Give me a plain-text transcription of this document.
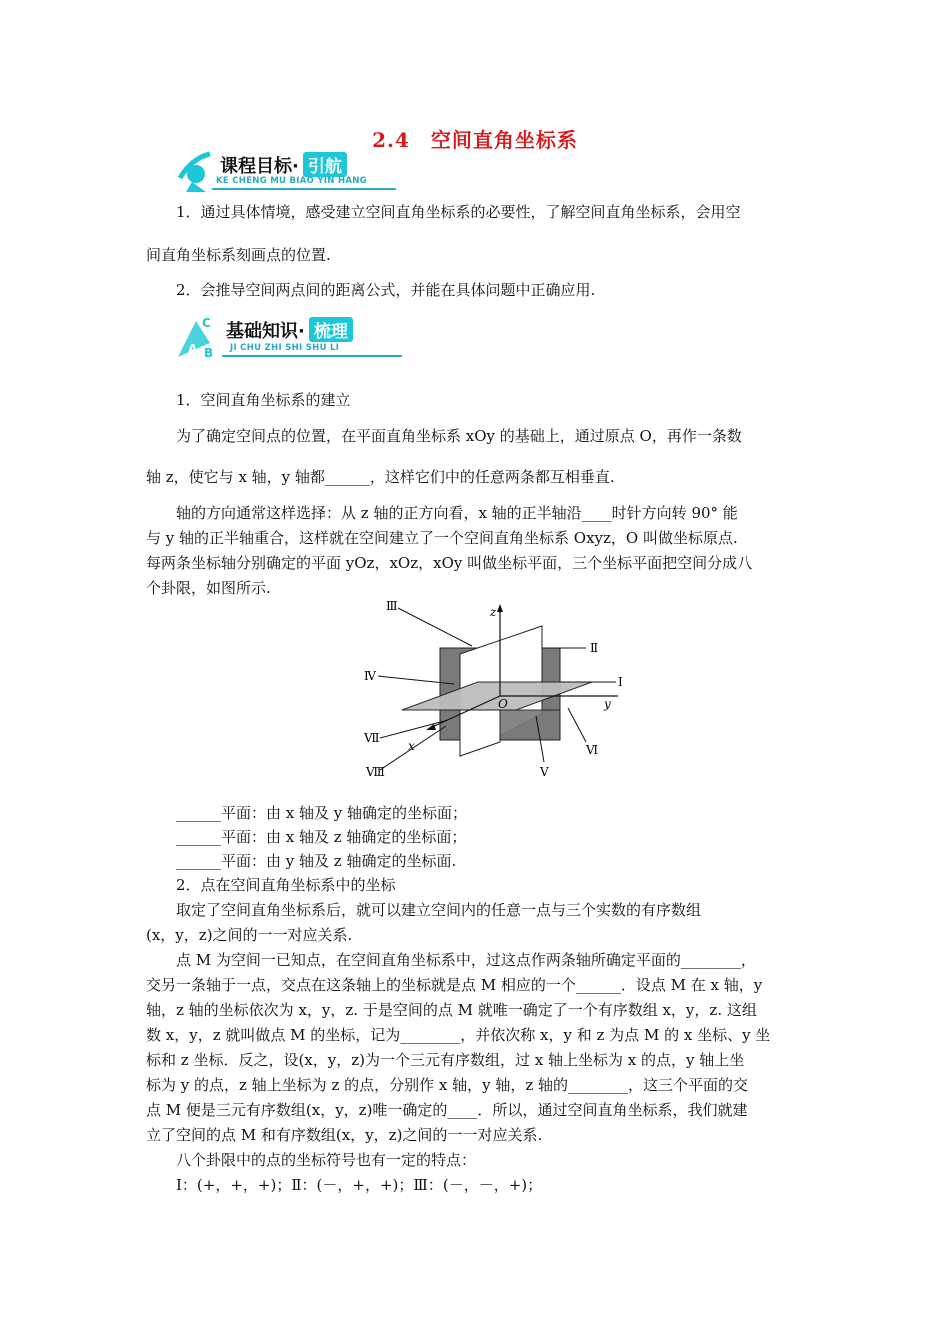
2.4　空间直角坐标系
课程目标· 引航
KE CHENG MU BIAO YIN HANG
1．通过具体情境，感受建立空间直角坐标系的必要性，了解空间直角坐标系，会用空
间直角坐标系刻画点的位置.
2．会推导空间两点间的距离公式，并能在具体问题中正确应用.
C
A B
基础知识· 梳理
JI CHU ZHI SHI SHU LI
1．空间直角坐标系的建立
为了确定空间点的位置，在平面直角坐标系 xOy 的基础上，通过原点 O，再作一条数
轴 z，使它与 x 轴，y 轴都______，这样它们中的任意两条都互相垂直.
轴的方向通常这样选择：从 z 轴的正方向看，x 轴的正半轴沿____时针方向转 90° 能
与 y 轴的正半轴重合，这样就在空间建立了一个空间直角坐标系 Oxyz，O 叫做坐标原点.
每两条坐标轴分别确定的平面 yOz，xOz，xOy 叫做坐标平面，三个坐标平面把空间分成八
个卦限，如图所示.
z
y
x
O
Ⅲ
Ⅱ
Ⅰ
Ⅳ
Ⅶ
Ⅵ
Ⅷ	Ⅴ
______平面：由 x 轴及 y 轴确定的坐标面；
______平面：由 x 轴及 z 轴确定的坐标面；
______平面：由 y 轴及 z 轴确定的坐标面.
2．点在空间直角坐标系中的坐标
取定了空间直角坐标系后，就可以建立空间内的任意一点与三个实数的有序数组
(x，y，z)之间的一一对应关系.
点 M 为空间一已知点，在空间直角坐标系中，过这点作两条轴所确定平面的________，
交另一条轴于一点，交点在这条轴上的坐标就是点 M 相应的一个______．设点 M 在 x 轴，y
轴，z 轴的坐标依次为 x，y，z. 于是空间的点 M 就唯一确定了一个有序数组 x，y，z. 这组
数 x，y，z 就叫做点 M 的坐标，记为________，并依次称 x，y 和 z 为点 M 的 x 坐标、y 坐
标和 z 坐标．反之，设(x，y，z)为一个三元有序数组，过 x 轴上坐标为 x 的点，y 轴上坐
标为 y 的点，z 轴上坐标为 z 的点，分别作 x 轴，y 轴，z 轴的________，这三个平面的交
点 M 便是三元有序数组(x，y，z)唯一确定的____．所以，通过空间直角坐标系，我们就建
立了空间的点 M 和有序数组(x，y，z)之间的一一对应关系.
八个卦限中的点的坐标符号也有一定的特点：
Ⅰ：(+，+，+)；Ⅱ：(－，+，+)；Ⅲ：(－，－，+)；
